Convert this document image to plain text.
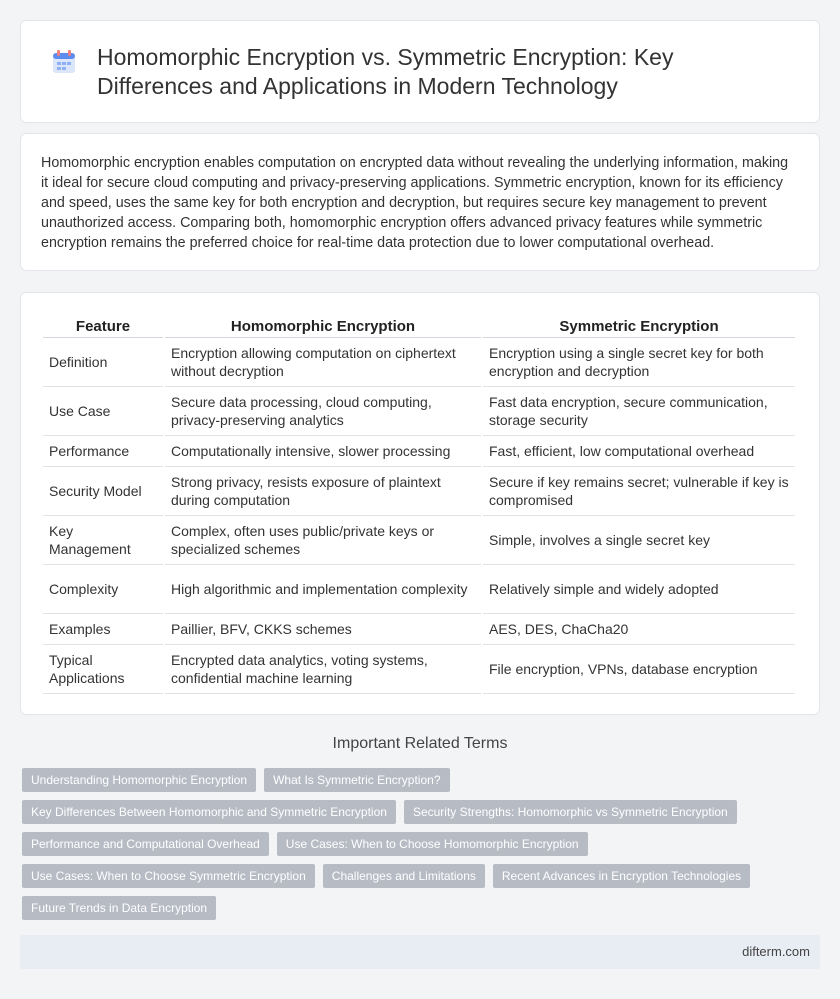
Homomorphic Encryption vs. Symmetric Encryption: Key Differences and Applications in Modern Technology

Homomorphic encryption enables computation on encrypted data without revealing the underlying information, making it ideal for secure cloud computing and privacy-preserving applications. Symmetric encryption, known for its efficiency and speed, uses the same key for both encryption and decryption, but requires secure key management to prevent unauthorized access. Comparing both, homomorphic encryption offers advanced privacy features while symmetric encryption remains the preferred choice for real-time data protection due to lower computational overhead.

Feature	Homomorphic Encryption	Symmetric Encryption
Definition	Encryption allowing computation on ciphertext without decryption	Encryption using a single secret key for both encryption and decryption
Use Case	Secure data processing, cloud computing, privacy-preserving analytics	Fast data encryption, secure communication, storage security
Performance	Computationally intensive, slower processing	Fast, efficient, low computational overhead
Security Model	Strong privacy, resists exposure of plaintext during computation	Secure if key remains secret; vulnerable if key is compromised
Key Management	Complex, often uses public/private keys or specialized schemes	Simple, involves a single secret key
Complexity	High algorithmic and implementation complexity	Relatively simple and widely adopted
Examples	Paillier, BFV, CKKS schemes	AES, DES, ChaCha20
Typical Applications	Encrypted data analytics, voting systems, confidential machine learning	File encryption, VPNs, database encryption
Important Related Terms
Understanding Homomorphic Encryption	What Is Symmetric Encryption?
Key Differences Between Homomorphic and Symmetric Encryption	Security Strengths: Homomorphic vs Symmetric Encryption
Performance and Computational Overhead	Use Cases: When to Choose Homomorphic Encryption
Use Cases: When to Choose Symmetric Encryption	Challenges and Limitations	Recent Advances in Encryption Technologies
Future Trends in Data Encryption
difterm.com
